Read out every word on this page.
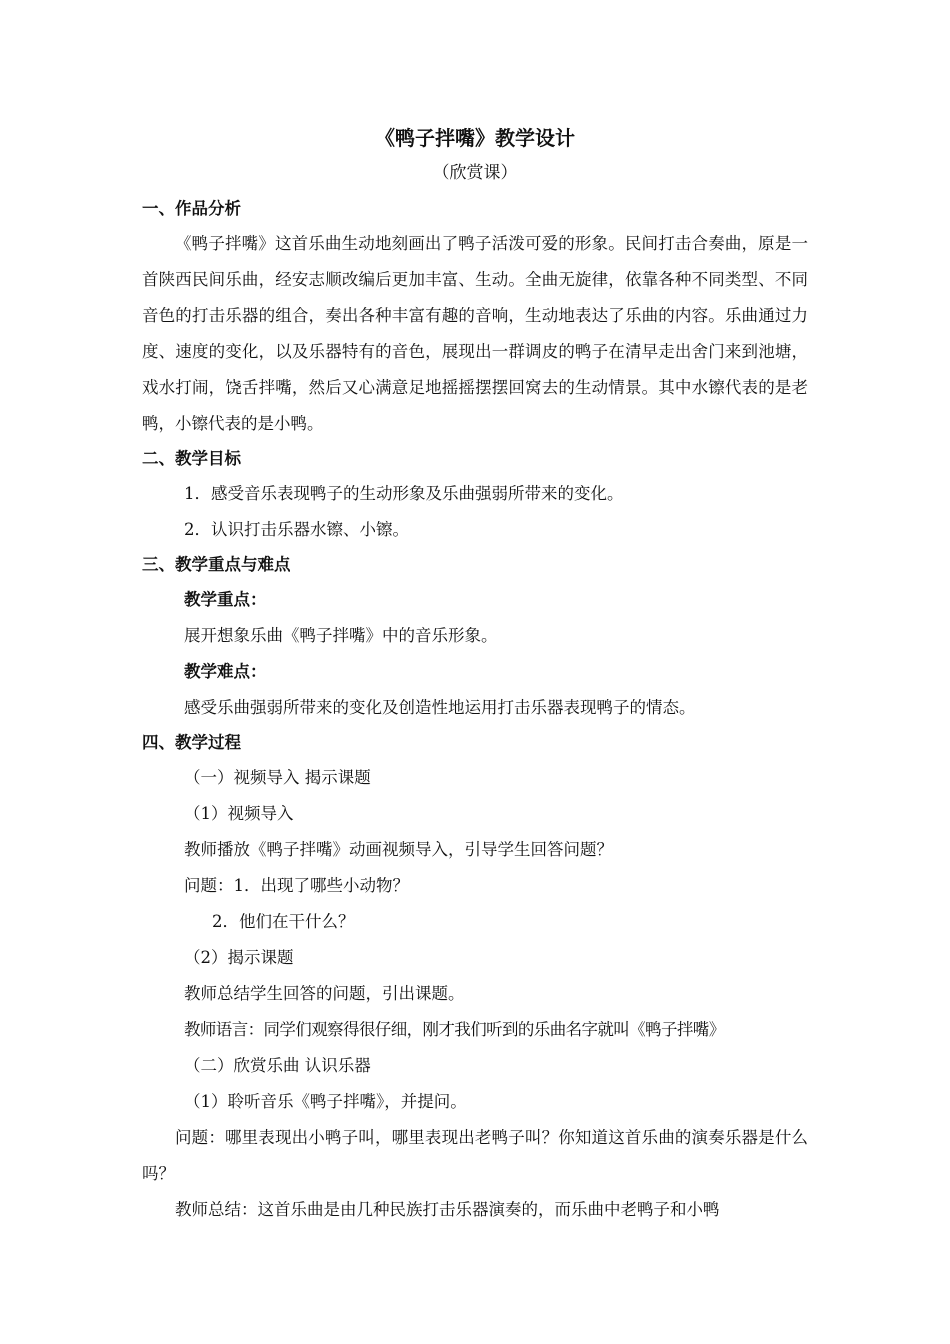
《鸭子拌嘴》教学设计
（欣赏课）
一、作品分析
《鸭子拌嘴》这首乐曲生动地刻画出了鸭子活泼可爱的形象。民间打击合奏曲，原是一首陕西民间乐曲，经安志顺改编后更加丰富、生动。全曲无旋律，依靠各种不同类型、不同音色的打击乐器的组合，奏出各种丰富有趣的音响，生动地表达了乐曲的内容。乐曲通过力度、速度的变化，以及乐器特有的音色，展现出一群调皮的鸭子在清早走出舍门来到池塘，戏水打闹，饶舌拌嘴，然后又心满意足地摇摇摆摆回窝去的生动情景。其中水镲代表的是老鸭，小镲代表的是小鸭。
二、教学目标
1．感受音乐表现鸭子的生动形象及乐曲强弱所带来的变化。
2．认识打击乐器水镲、小镲。
三、教学重点与难点
教学重点：
展开想象乐曲《鸭子拌嘴》中的音乐形象。
教学难点：
感受乐曲强弱所带来的变化及创造性地运用打击乐器表现鸭子的情态。
四、教学过程
（一）视频导入 揭示课题
（1）视频导入
教师播放《鸭子拌嘴》动画视频导入，引导学生回答问题？
问题：1．出现了哪些小动物？
2．他们在干什么？
（2）揭示课题
教师总结学生回答的问题，引出课题。
教师语言：同学们观察得很仔细，刚才我们听到的乐曲名字就叫《鸭子拌嘴》
（二）欣赏乐曲 认识乐器
（1）聆听音乐《鸭子拌嘴》，并提问。
问题：哪里表现出小鸭子叫，哪里表现出老鸭子叫？你知道这首乐曲的演奏乐器是什么吗？
教师总结：这首乐曲是由几种民族打击乐器演奏的，而乐曲中老鸭子和小鸭
